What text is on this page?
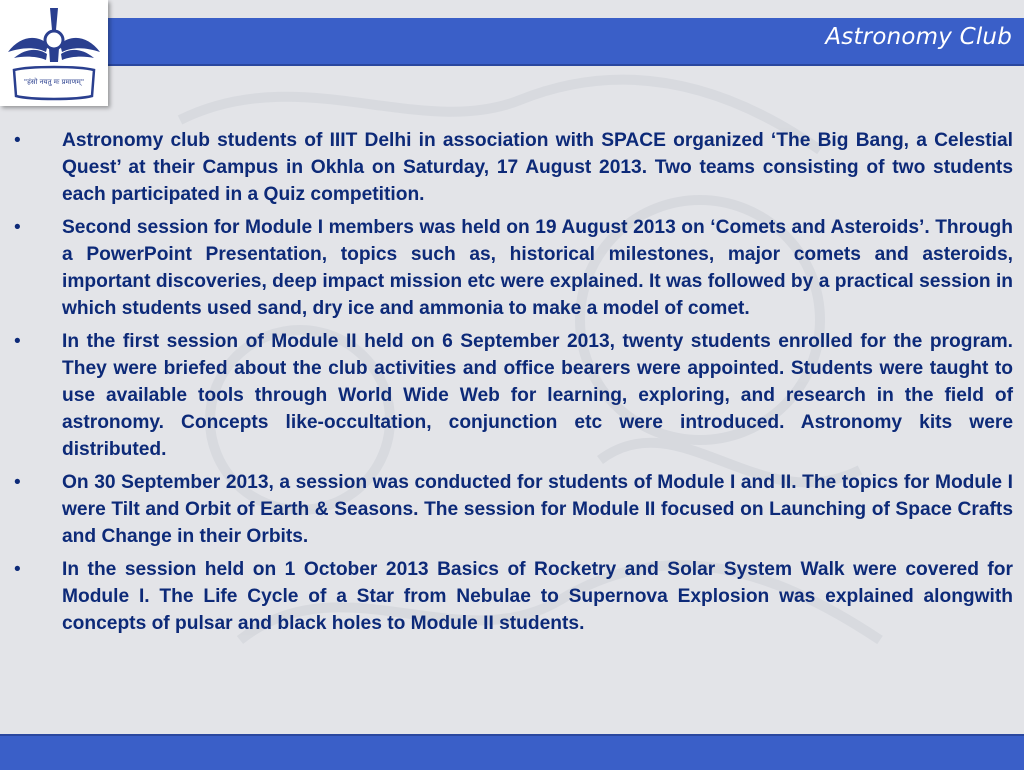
Astronomy Club
"हंसो नयतु मः प्रमाणम्"
• Astronomy club students of IIIT Delhi in association with SPACE organized ‘The Big Bang, a Celestial Quest’ at their Campus in Okhla on Saturday, 17 August 2013. Two teams consisting of two students each participated in a Quiz competition.
• Second session for Module I members was held on 19 August 2013 on ‘Comets and Asteroids’. Through a PowerPoint Presentation, topics such as, historical milestones, major comets and asteroids, important discoveries, deep impact mission etc were explained. It was followed by a practical session in which students used sand, dry ice and ammonia to make a model of comet.
• In the first session of Module II held on 6 September 2013, twenty students enrolled for the program. They were briefed about the club activities and office bearers were appointed. Students were taught to use available tools through World Wide Web for learning, exploring, and research in the field of astronomy. Concepts like-occultation, conjunction etc were introduced. Astronomy kits were distributed.
• On 30 September 2013, a session was conducted for students of Module I and II. The topics for Module I were Tilt and Orbit of Earth & Seasons. The session for Module II focused on Launching of Space Crafts and Change in their Orbits.
• In the session held on 1 October 2013 Basics of Rocketry and Solar System Walk were covered for Module I. The Life Cycle of a Star from Nebulae to Supernova Explosion was explained alongwith concepts of pulsar and black holes to Module II students.
